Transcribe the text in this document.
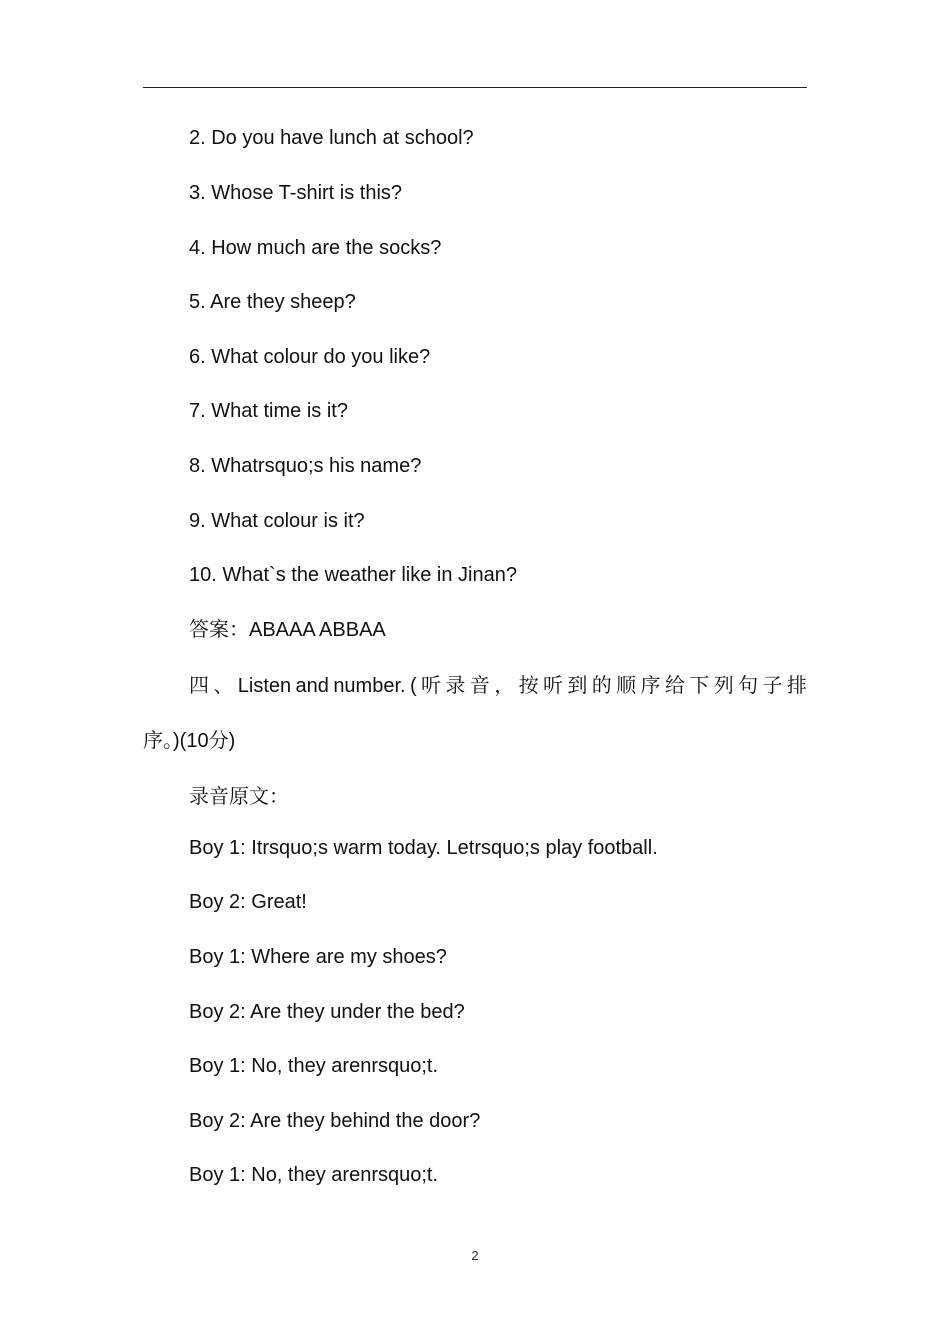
2. Do you have lunch at school?
3. Whose T-shirt is this?
4. How much are the socks?
5. Are they sheep?
6. What colour do you like?
7. What time is it?
8. Whatrsquo;s his name?
9. What colour is it?
10. What`s the weather like in Jinan?
答案：ABAAA ABBAA
四 、 Listen and number. ( 听 录 音 ， 按 听 到 的 顺 序 给 下 列 句 子 排
序。)(10分)
录音原文：
Boy 1: Itrsquo;s warm today. Letrsquo;s play football.
Boy 2: Great!
Boy 1: Where are my shoes?
Boy 2: Are they under the bed?
Boy 1: No, they arenrsquo;t.
Boy 2: Are they behind the door?
Boy 1: No, they arenrsquo;t.
2
